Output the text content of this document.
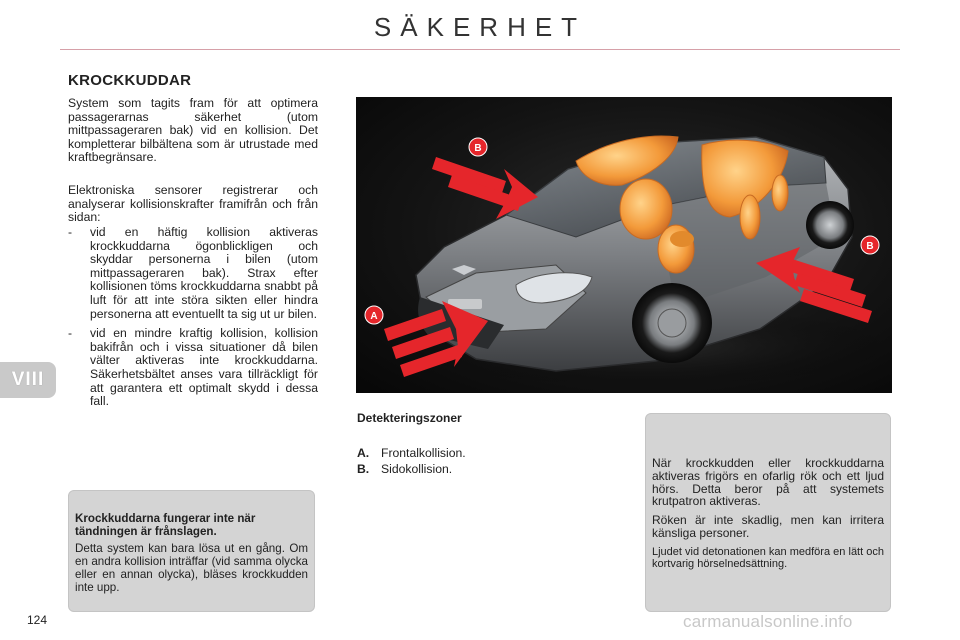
SÄKERHET
VIII
KROCKKUDDAR

System som tagits fram för att optimera passagerarnas säkerhet (utom mittpassageraren bak) vid en kollision. Det kompletterar bilbältena som är utrustade med kraftbegränsare.

Elektroniska sensorer registrerar och analyserar kollisionskrafter framifrån och från sidan:

- vid en häftig kollision aktiveras krockkuddarna ögonblickligen och skyddar personerna i bilen (utom mittpassageraren bak). Strax efter kollisionen töms krockkuddarna snabbt på luft för att inte störa sikten eller hindra personerna att eventuellt ta sig ut ur bilen.
- vid en mindre kraftig kollision, kollision bakifrån och i vissa situationer då bilen välter aktiveras inte krockkuddarna. Säkerhetsbältet anses vara tillräckligt för att garantera ett optimalt skydd i dessa fall.
Krockkuddarna fungerar inte när tändningen är frånslagen.
Detta system kan bara lösa ut en gång. Om en andra kollision inträffar (vid samma olycka eller en annan olycka), bläses krockkudden inte upp.
B
B
A
Detekteringszoner
A. Frontalkollision.
B. Sidokollision.	När krockkudden eller krockkuddarna aktiveras frigörs en ofarlig rök och ett ljud hörs. Detta beror på att systemets krutpatron aktiveras.

Röken är inte skadlig, men kan irritera känsliga personer.

Ljudet vid detonationen kan medföra en lätt och kortvarig hörselnedsättning.

124	carmanualsonline.info
